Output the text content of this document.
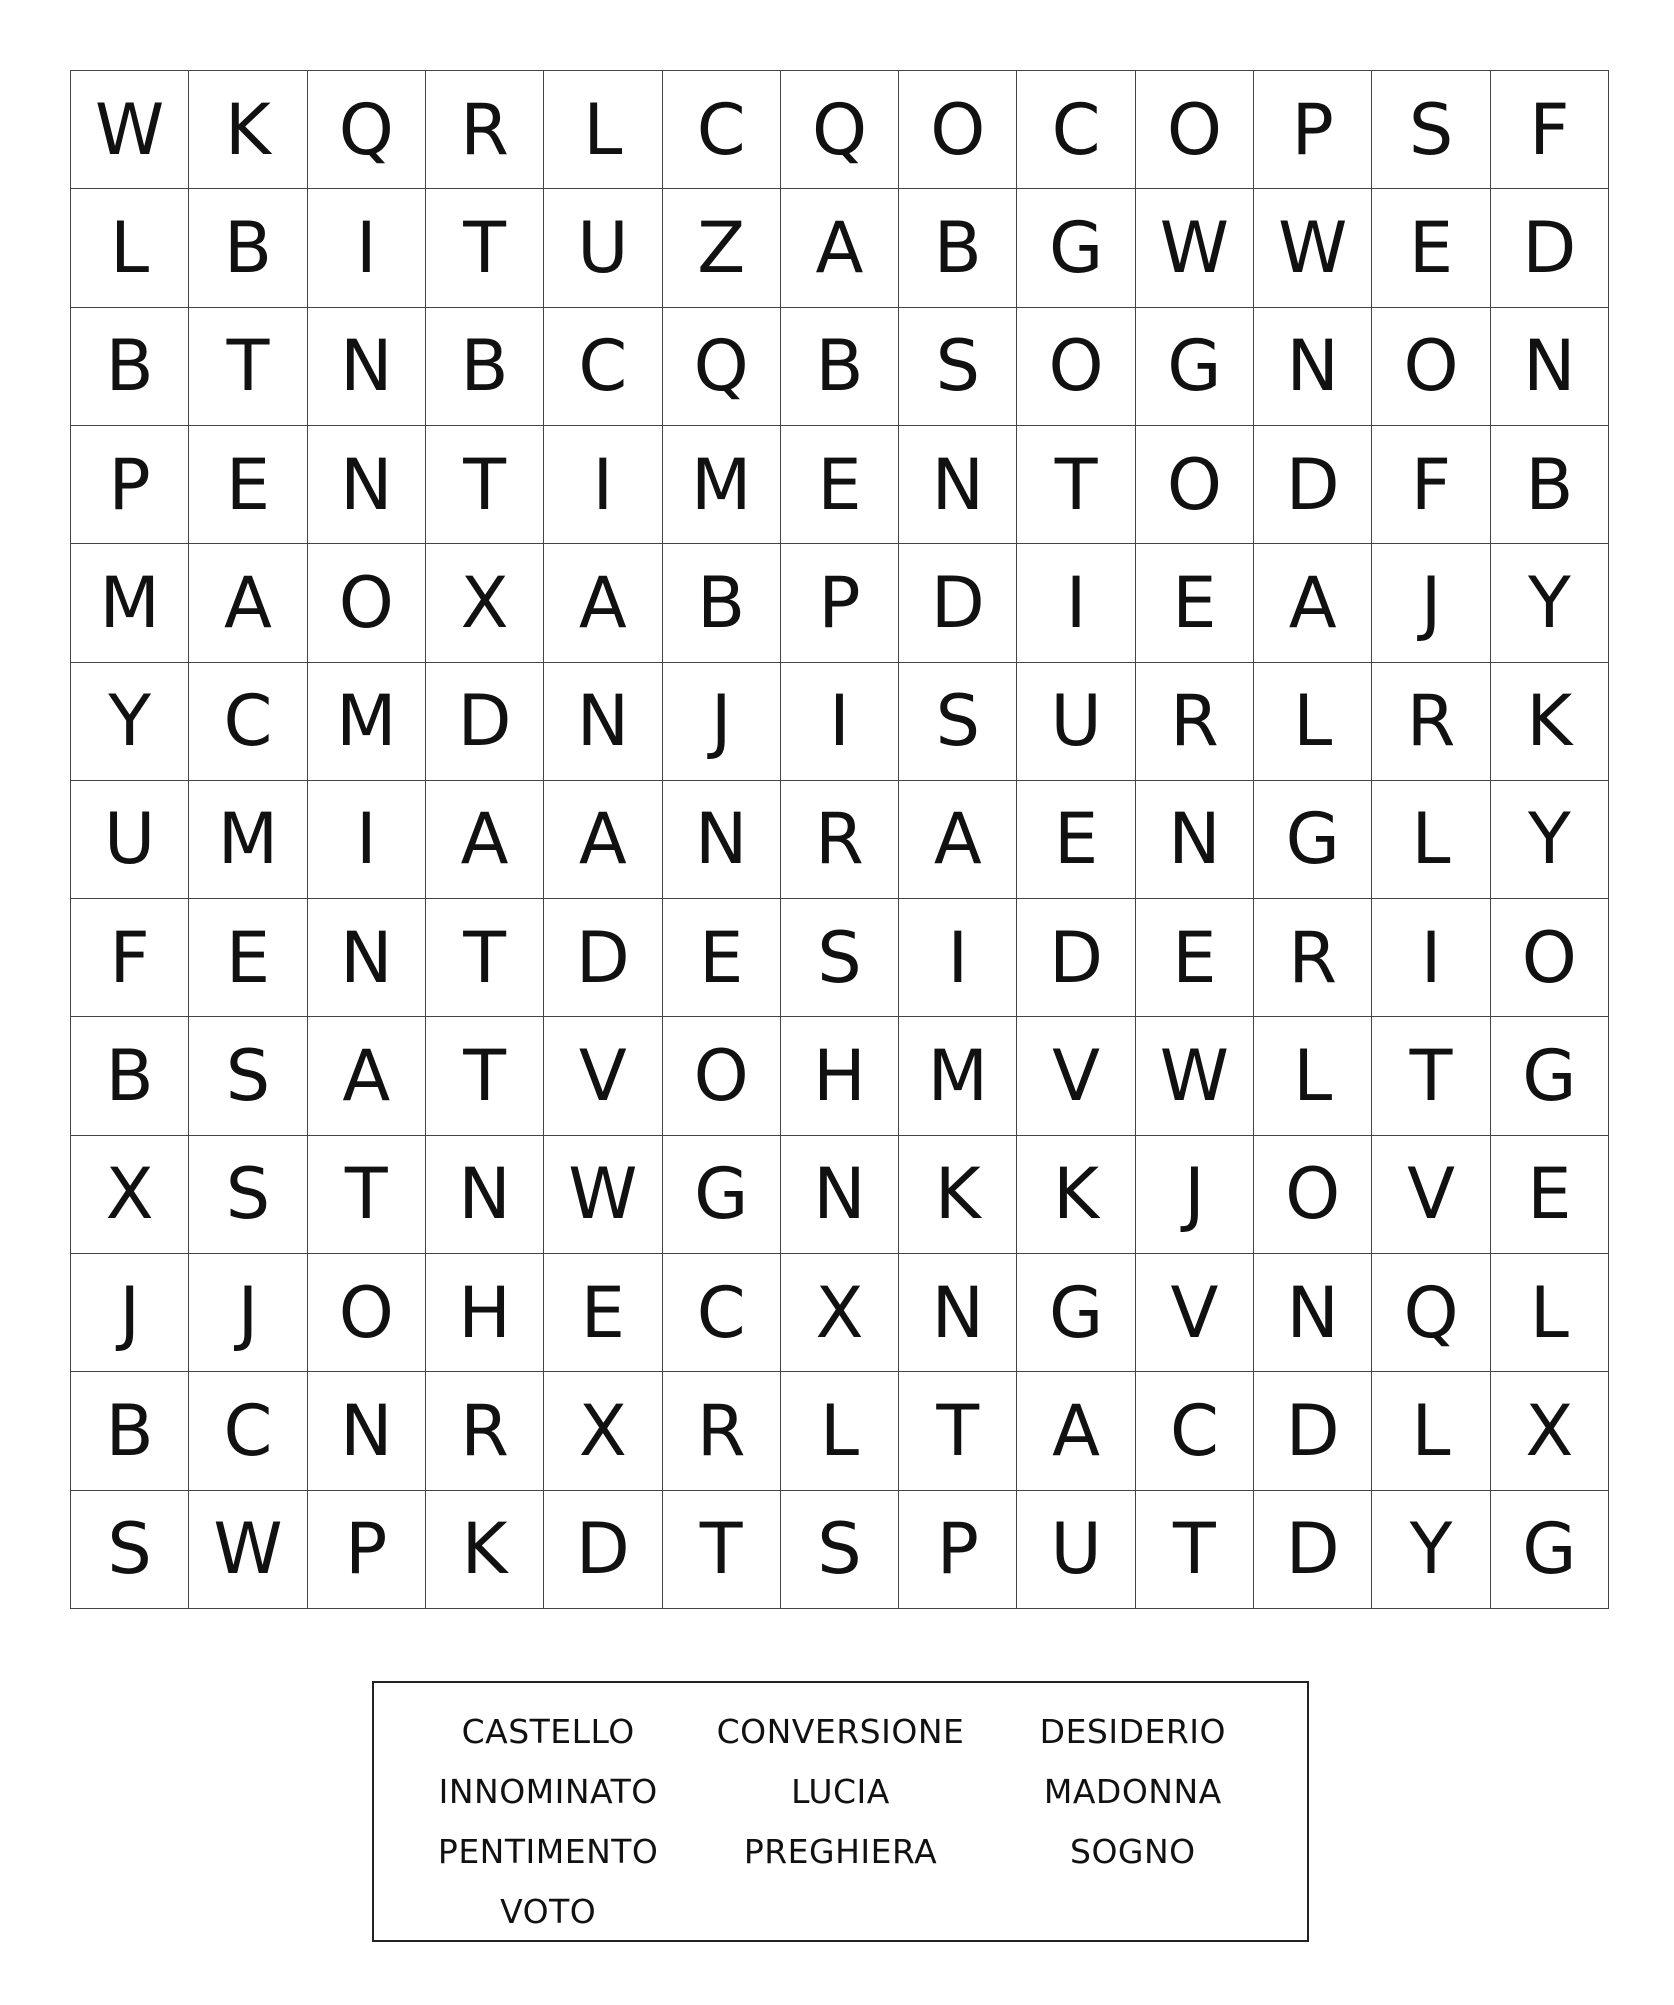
W K Q R	L	C Q O C O P	S	F
L	B	I	T	U Z	A	B G W W E D
B	T	N B C Q B	S O G N O N
P	E	N	T	I	M E	N	T O D	F	B
M A O X	A	B	P	D	I	E	A	J	Y
Y	C M D N	J	I	S	U R	L	R	K
U M	I	A	A N R	A	E	N G	L	Y
F	E	N	T D E	S	I	D E	R	I	O
B	S	A	T	V O H M V W L	T G
X	S	T	N W G N K	K	J	O V	E
J	J	O H E	C X N G V N Q	L
B C N R	X	R	L	T	A C D	L	X
S W P	K D T	S	P	U	T D Y G
CASTELLO	CONVERSIONE	DESIDERIO
INNOMINATO	LUCIA	MADONNA
PENTIMENTO	PREGHIERA	SOGNO
VOTO
